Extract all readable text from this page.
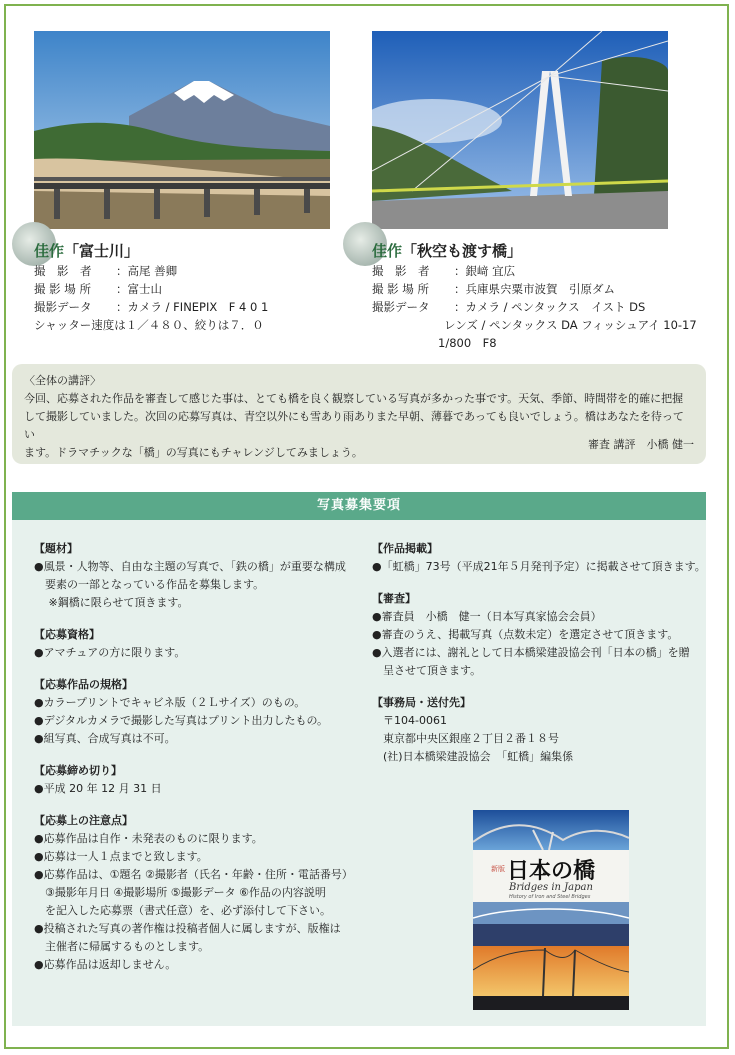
佳作「富士川」
撮　影　者 ：高尾 善卿
撮 影 場 所 ：富士山
撮影データ ：カメラ / FINEPIX　F 4 0 1
シャッター速度は１／４８０、絞りは７．０
佳作「秋空も渡す橋」
撮　影　者 ：銀﨑 宜広
撮 影 場 所 ：兵庫県宍粟市波賀　引原ダム
撮影データ ：カメラ / ペンタックス　イスト DS
レンズ / ペンタックス DA フィッシュアイ 10-17
1/800　F8
〈全体の講評〉
今回、応募された作品を審査して感じた事は、とても橋を良く観察している写真が多かった事です。天気、季節、時間帯を的確に把握
して撮影していました。次回の応募写真は、青空以外にも雪あり雨ありまた早朝、薄暮であっても良いでしょう。橋はあなたを待ってい
ます。ドラマチックな「橋」の写真にもチャレンジしてみましょう。
審査 講評　小橋 健一
写真募集要項
【題材】
●風景・人物等、自由な主題の写真で、「鉄の橋」が重要な構成
　要素の一部となっている作品を募集します。
　 ※鋼橋に限らせて頂きます。
【応募資格】
●アマチュアの方に限ります。
【応募作品の規格】
●カラープリントでキャビネ版（２Ｌサイズ）のもの。
●デジタルカメラで撮影した写真はプリント出力したもの。
●組写真、合成写真は不可。
【応募締め切り】
●平成 20 年 12 月 31 日
【応募上の注意点】
●応募作品は自作・未発表のものに限ります。
●応募は一人１点までと致します。
●応募作品は、①題名 ②撮影者（氏名・年齢・住所・電話番号）
　③撮影年月日 ④撮影場所 ⑤撮影データ ⑥作品の内容説明
　を記入した応募票（書式任意）を、必ず添付して下さい。
●投稿された写真の著作権は投稿者個人に属しますが、版権は
　主催者に帰属するものとします。
●応募作品は返却しません。
【作品掲載】
●「虹橋」73号（平成21年５月発刊予定）に掲載させて頂きます。
【審査】
●審査員　小橋　健一（日本写真家協会会員）
●審査のうえ、掲載写真（点数未定）を選定させて頂きます。
●入選者には、謝礼として日本橋梁建設協会刊「日本の橋」を贈
　呈させて頂きます。
【事務局・送付先】
　〒104-0061
　東京都中央区銀座２丁目２番１８号
　(社)日本橋梁建設協会　「虹橋」編集係
新版 日本の橋
Bridges in Japan
History of Iron and Steel Bridges
